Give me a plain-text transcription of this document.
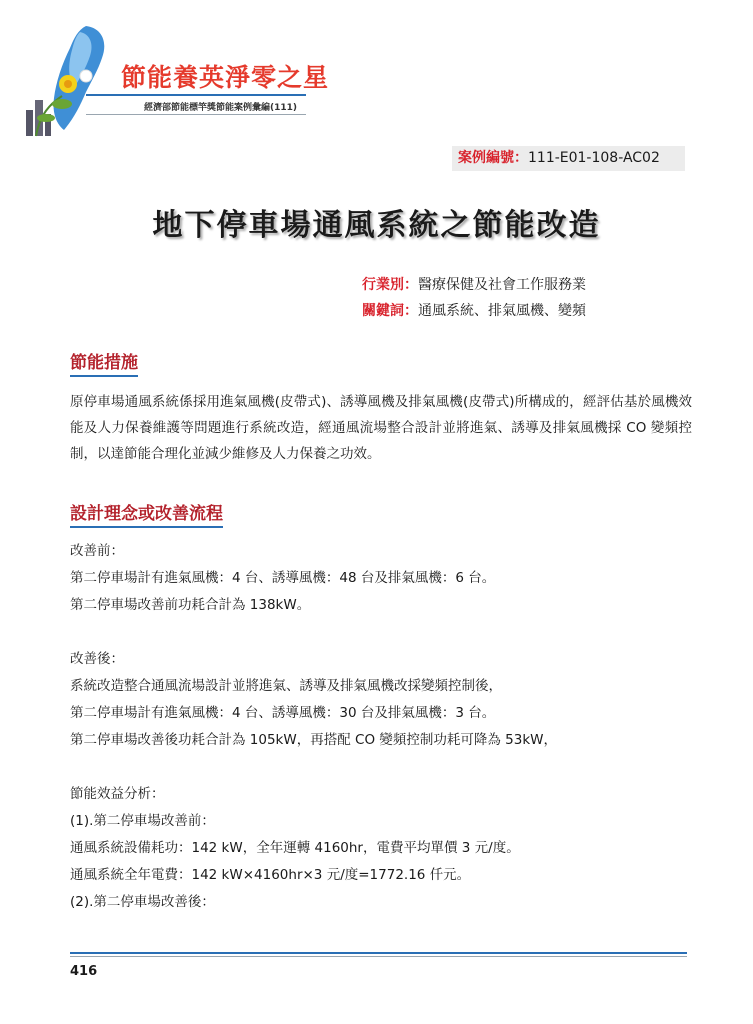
節能養英淨零之星
經濟部節能標竿獎節能案例彙編(111)
案例編號：111-E01-108-AC02
地下停車場通風系統之節能改造
行業別：醫療保健及社會工作服務業
關鍵詞：通風系統、排氣風機、變頻
節能措施

原停車場通風系統係採用進氣風機(皮帶式)、誘導風機及排氣風機(皮帶式)所構成的，經評估基於風機效能及人力保養維護等問題進行系統改造，經通風流場整合設計並將進氣、誘導及排氣風機採 CO 變頻控制，以達節能合理化並減少維修及人力保養之功效。

設計理念或改善流程

改善前：

第二停車場計有進氣風機：4 台、誘導風機：48 台及排氣風機：6 台。

第二停車場改善前功耗合計為 138kW。

改善後：

系統改造整合通風流場設計並將進氣、誘導及排氣風機改採變頻控制後，

第二停車場計有進氣風機：4 台、誘導風機：30 台及排氣風機：3 台。

第二停車場改善後功耗合計為 105kW，再搭配 CO 變頻控制功耗可降為 53kW，

節能效益分析：

(1).第二停車場改善前：

通風系統設備耗功：142 kW，全年運轉 4160hr，電費平均單價 3 元/度。

通風系統全年電費：142 kW×4160hr×3 元/度=1772.16 仟元。

(2).第二停車場改善後：

416
